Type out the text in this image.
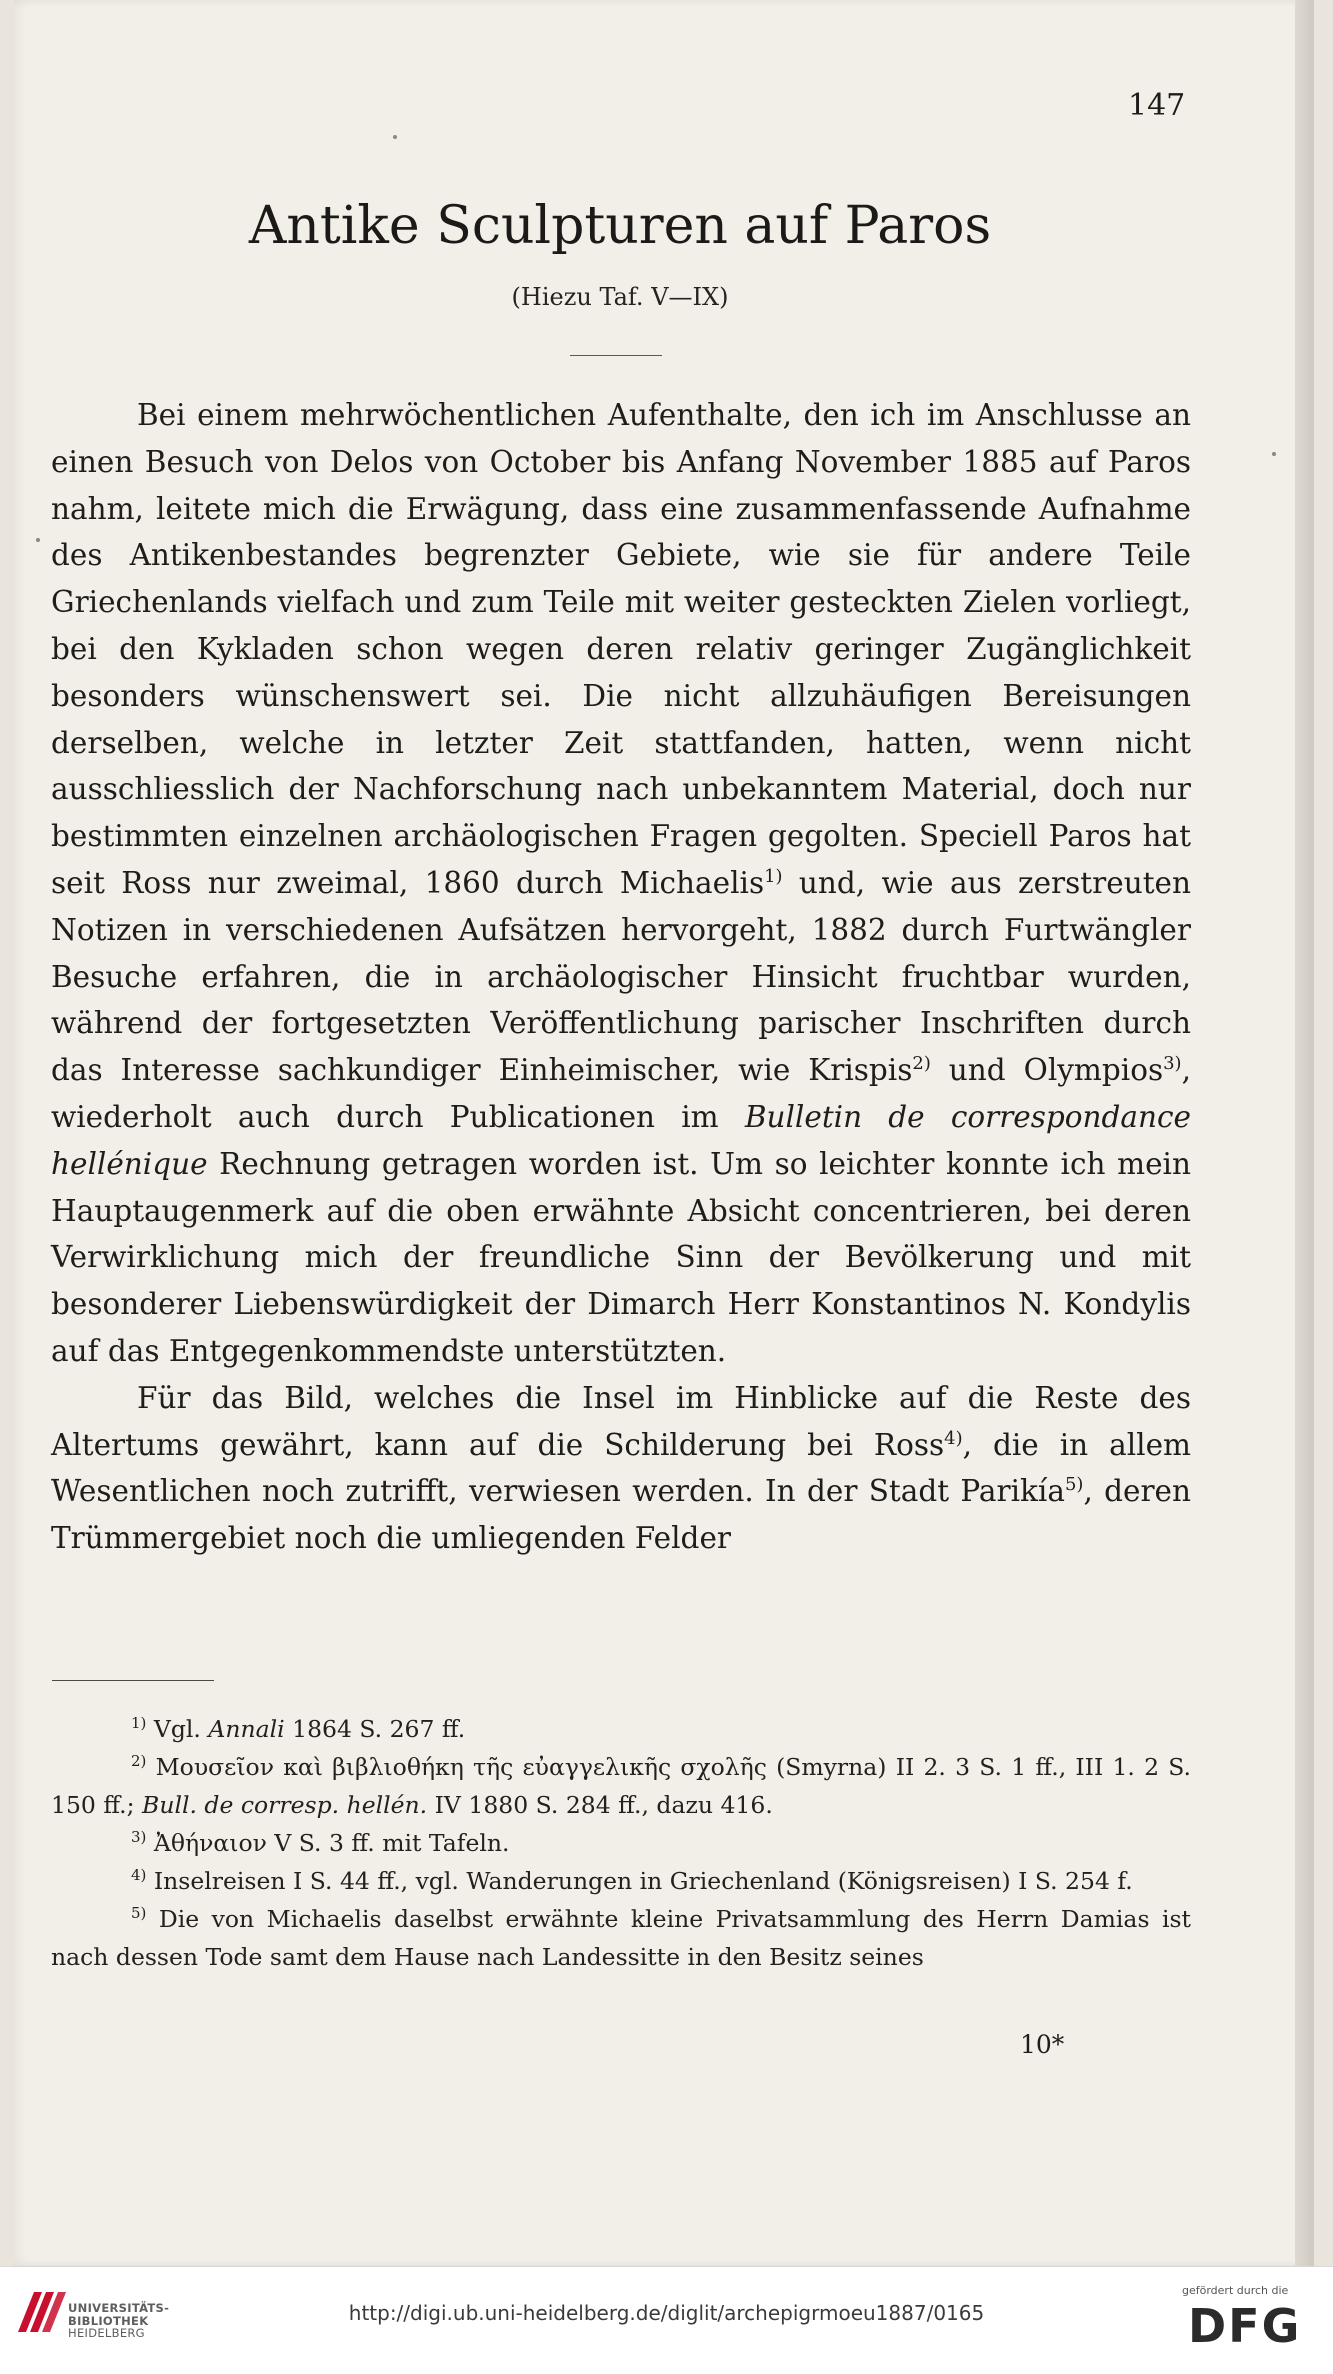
147
Antike Sculpturen auf Paros
(Hiezu Taf. V—IX)

Bei einem mehrwöchentlichen Aufenthalte, den ich im Anschlusse an einen Besuch von Delos von October bis Anfang November 1885 auf Paros nahm, leitete mich die Erwägung, dass eine zusammenfassende Aufnahme des Antikenbestandes begrenzter Gebiete, wie sie für andere Teile Griechenlands vielfach und zum Teile mit weiter gesteckten Zielen vorliegt, bei den Kykladen schon wegen deren relativ geringer Zugänglichkeit besonders wünschenswert sei. Die nicht allzuhäufigen Bereisungen derselben, welche in letzter Zeit stattfanden, hatten, wenn nicht ausschliesslich der Nachforschung nach unbekanntem Material, doch nur bestimmten einzelnen archäologischen Fragen gegolten. Speciell Paros hat seit Ross nur zweimal, 1860 durch Michaelis$^{1)}$ und, wie aus zerstreuten Notizen in verschiedenen Aufsätzen hervorgeht, 1882 durch Furtwängler Besuche erfahren, die in archäologischer Hinsicht fruchtbar wurden, während der fortgesetzten Veröffentlichung parischer Inschriften durch das Interesse sachkundiger Einheimischer, wie Krispis$^{2)}$ und Olympios$^{3)}$, wiederholt auch durch Publicationen im Bulletin de correspondance hellénique Rechnung getragen worden ist. Um so leichter konnte ich mein Hauptaugenmerk auf die oben erwähnte Absicht concentrieren, bei deren Verwirklichung mich der freundliche Sinn der Bevölkerung und mit besonderer Liebenswürdigkeit der Dimarch Herr Konstantinos N. Kondylis auf das Entgegenkommendste unterstützten.

Für das Bild, welches die Insel im Hinblicke auf die Reste des Altertums gewährt, kann auf die Schilderung bei Ross$^{4)}$, die in allem Wesentlichen noch zutrifft, verwiesen werden. In der Stadt Parikía$^{5)}$, deren Trümmergebiet noch die umliegenden Felder

$^{1)}$ Vgl. Annali 1864 S. 267 ff.

$^{2)}$ Μουσεῖον καὶ βιβλιοθήκη τῆς εὐαγγελικῆς σχολῆς (Smyrna) II 2. 3 S. 1 ff., III 1. 2 S. 150 ff.; Bull. de corresp. hellén. IV 1880 S. 284 ff., dazu 416.

$^{3)}$ Ἀθήναιον V S. 3 ff. mit Tafeln.

$^{4)}$ Inselreisen I S. 44 ff., vgl. Wanderungen in Griechenland (Königsreisen) I S. 254 f.

$^{5)}$ Die von Michaelis daselbst erwähnte kleine Privatsammlung des Herrn Damias ist nach dessen Tode samt dem Hause nach Landessitte in den Besitz seines

10*
UNIVERSITÄTS-
BIBLIOTHEK
HEIDELBERG
http://digi.ub.uni-heidelberg.de/diglit/archepigrmoeu1887/0165
gefördert durch die
DFG
